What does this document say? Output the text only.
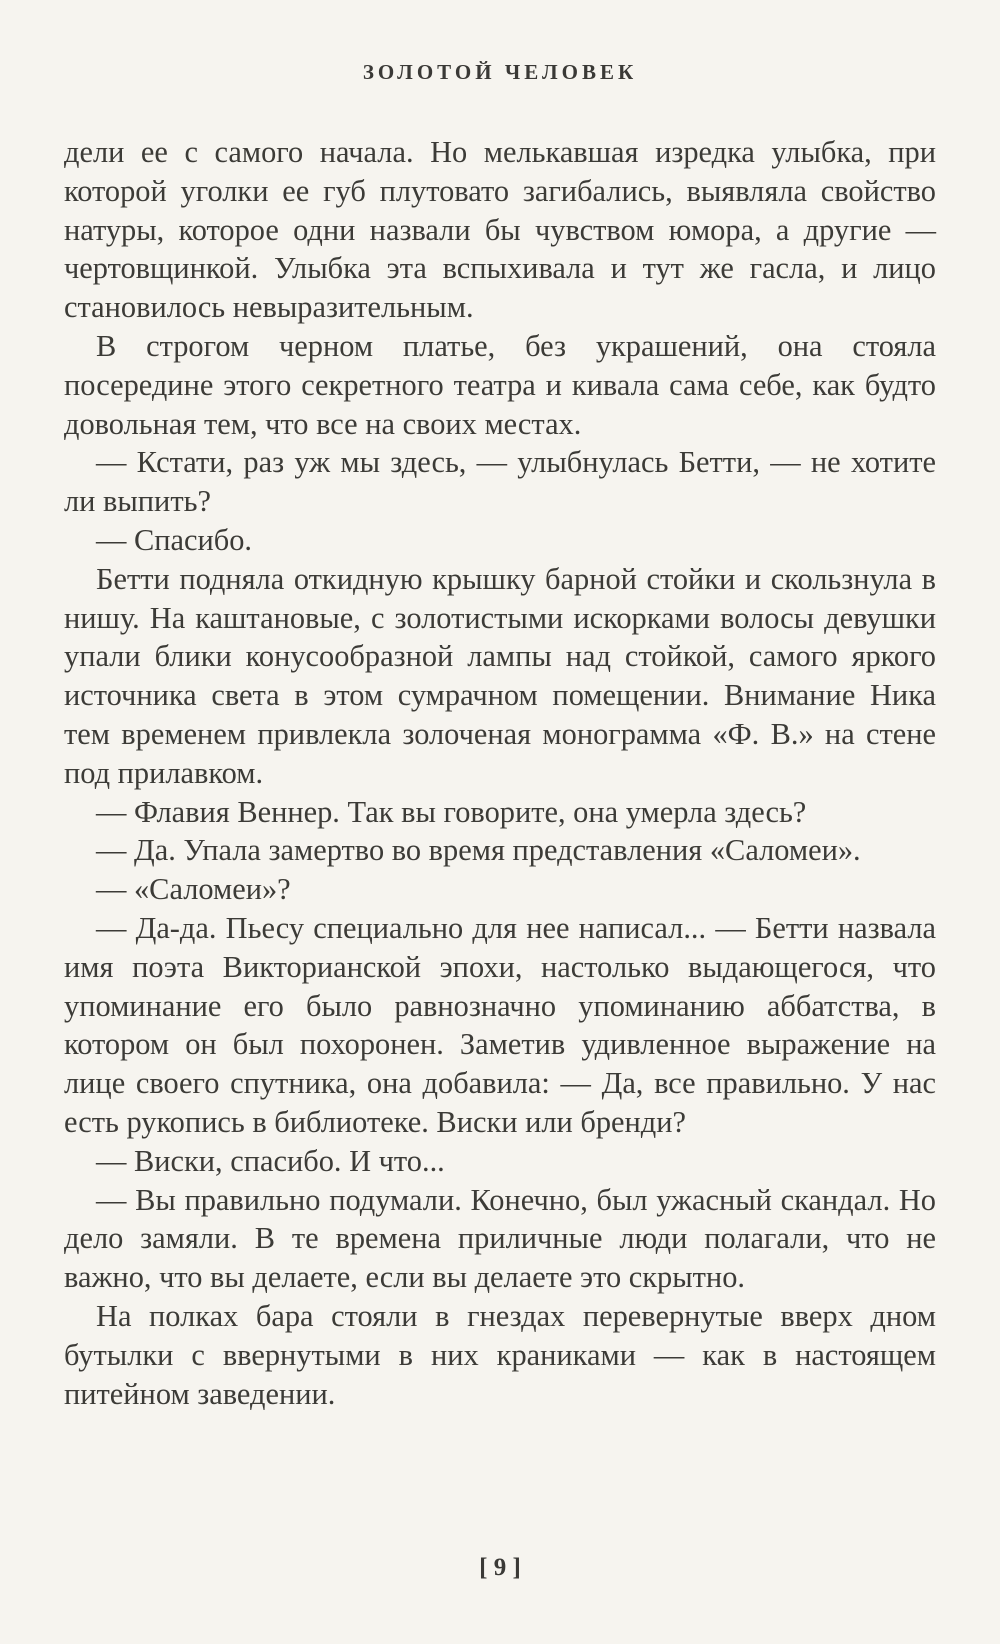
ЗОЛОТОЙ ЧЕЛОВЕК

дели ее с самого начала. Но мелькавшая изредка улыбка, при которой уголки ее губ плутовато загибались, выявляла свойство натуры, которое одни назвали бы чувством юмора, а другие — чертовщинкой. Улыбка эта вспыхивала и тут же гасла, и лицо становилось невыразительным.

В строгом черном платье, без украшений, она стояла посередине этого секретного театра и кивала сама себе, как будто довольная тем, что все на своих местах.

— Кстати, раз уж мы здесь, — улыбнулась Бетти, — не хотите ли выпить?

— Спасибо.

Бетти подняла откидную крышку барной стойки и скользнула в нишу. На каштановые, с золотистыми искорками волосы девушки упали блики конусообразной лампы над стойкой, самого яркого источника света в этом сумрачном помещении. Внимание Ника тем временем привлекла золоченая монограмма «Ф. В.» на стене под прилавком.

— Флавия Веннер. Так вы говорите, она умерла здесь?

— Да. Упала замертво во время представления «Саломеи».

— «Саломеи»?

— Да-да. Пьесу специально для нее написал... — Бетти назвала имя поэта Викторианской эпохи, настолько выдающегося, что упоминание его было равнозначно упоминанию аббатства, в котором он был похоронен. Заметив удивленное выражение на лице своего спутника, она добавила: — Да, все правильно. У нас есть рукопись в библиотеке. Виски или бренди?

— Виски, спасибо. И что...

— Вы правильно подумали. Конечно, был ужасный скандал. Но дело замяли. В те времена приличные люди полагали, что не важно, что вы делаете, если вы делаете это скрытно.

На полках бара стояли в гнездах перевернутые вверх дном бутылки с ввернутыми в них краниками — как в настоящем питейном заведении.

[ 9 ]
